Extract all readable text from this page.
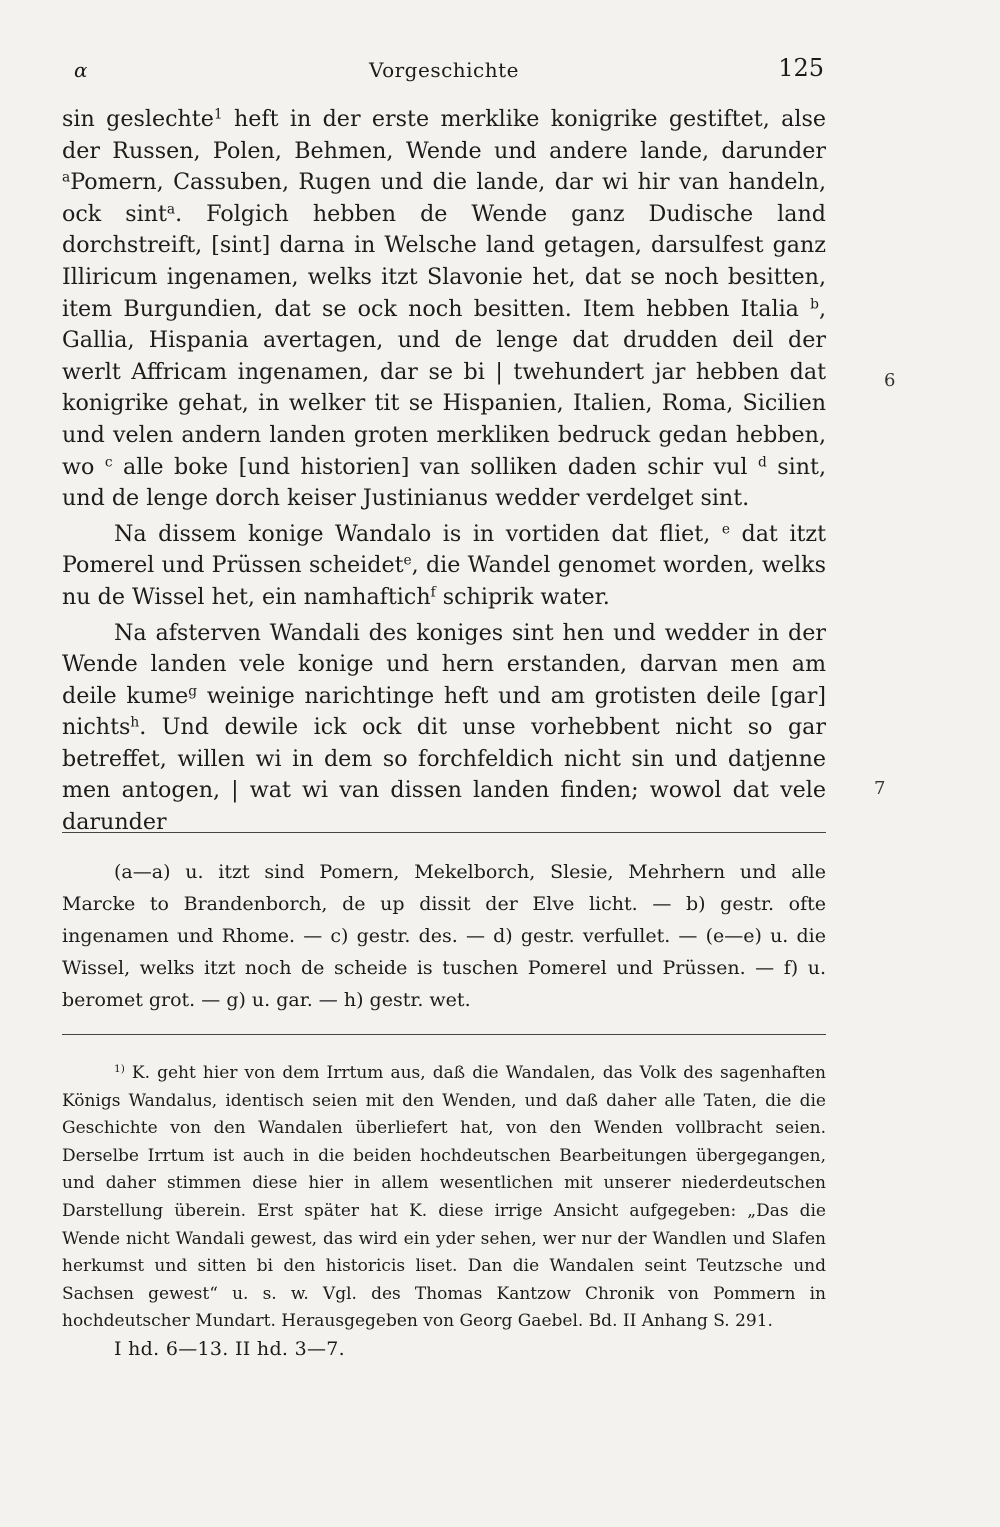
α	Vorgeschichte	125

sin geslechte$^1$ heft in der erste merklike konigrike gestiftet, alse der Russen, Polen, Behmen, Wende und andere lande, darunder $^a$Pomern, Cassuben, Rugen und die lande, dar wi hir van handeln, ock sint$^a$. Folgich hebben de Wende ganz Dudische land dorchstreift, [sint] darna in Welsche land getagen, darsulfest ganz Illiricum ingenamen, welks itzt Slavonie het, dat se noch besitten, item Burgundien, dat se ock noch besitten. Item hebben Italia $^b$, Gallia, Hispania avertagen, und de lenge dat drudden deil der werlt Affricam ingenamen, dar se bi | twehundert jar hebben dat konigrike gehat, in welker tit se Hispanien, Italien, Roma, Sicilien und velen andern landen groten merkliken bedruck gedan hebben, wo $^c$ alle boke [und historien] van solliken daden schir vul $^d$ sint, und de lenge dorch keiser Justinianus wedder verdelget sint.

Na dissem konige Wandalo is in vortiden dat fliet, $^e$ dat itzt Pomerel und Prüssen scheidet$^e$, die Wandel genomet worden, welks nu de Wissel het, ein namhaftich$^f$ schiprik water.

Na afsterven Wandali des koniges sint hen und wedder in der Wende landen vele konige und hern erstanden, darvan men am deile kume$^g$ weinige narichtinge heft und am grotisten deile [gar] nichts$^h$. Und dewile ick ock dit unse vorhebbent nicht so gar betreffet, willen wi in dem so forchfeldich nicht sin und datjenne men antogen, | wat wi van dissen landen finden; wowol dat vele darunder

6
7

(a—a) u. itzt sind Pomern, Mekelborch, Slesie, Mehrhern und alle Marcke to Brandenborch, de up dissit der Elve licht. — b) gestr. ofte ingenamen und Rhome. — c) gestr. des. — d) gestr. verfullet. — (e—e) u. die Wissel, welks itzt noch de scheide is tuschen Pomerel und Prüssen. — f) u. beromet grot. — g) u. gar. — h) gestr. wet.

$^{1)}$ K. geht hier von dem Irrtum aus, daß die Wandalen, das Volk des sagenhaften Königs Wandalus, identisch seien mit den Wenden, und daß daher alle Taten, die die Geschichte von den Wandalen überliefert hat, von den Wenden vollbracht seien. Derselbe Irrtum ist auch in die beiden hochdeutschen Bearbeitungen übergegangen, und daher stimmen diese hier in allem wesentlichen mit unserer niederdeutschen Darstellung überein. Erst später hat K. diese irrige Ansicht aufgegeben: „Das die Wende nicht Wandali gewest, das wird ein yder sehen, wer nur der Wandlen und Slafen herkumst und sitten bi den historicis liset. Dan die Wandalen seint Teutzsche und Sachsen gewest“ u. s. w. Vgl. des Thomas Kantzow Chronik von Pommern in hochdeutscher Mundart. Herausgegeben von Georg Gaebel. Bd. II Anhang S. 291.

I hd. 6—13. II hd. 3—7.
